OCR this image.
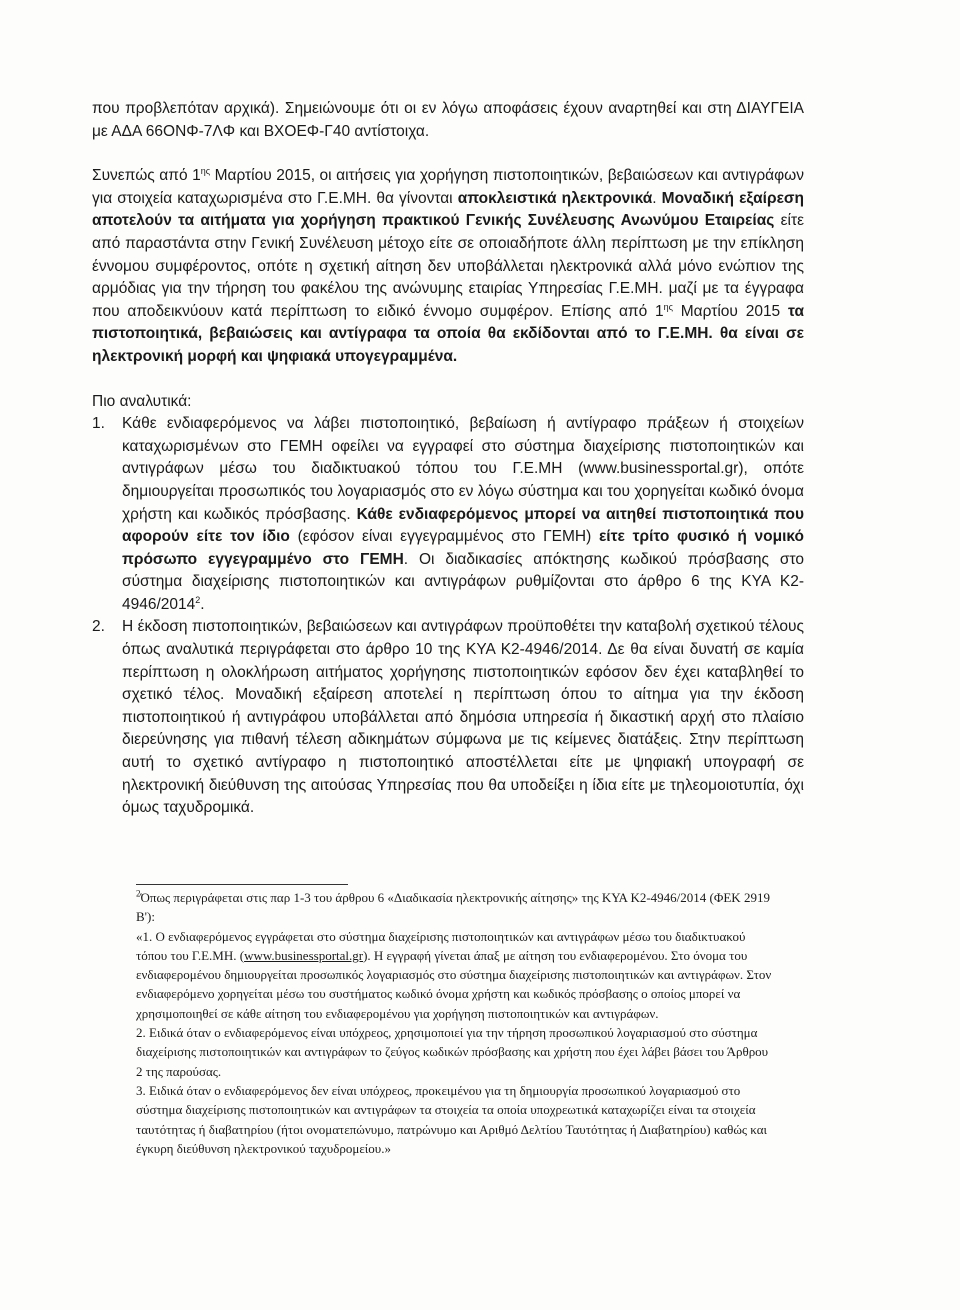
που προβλεπόταν αρχικά). Σημειώνουμε ότι οι εν λόγω αποφάσεις έχουν αναρτηθεί και στη ΔΙΑΥΓΕΙΑ με ΑΔΑ 66ΟΝΦ-7ΛΦ και ΒΧΟΕΦ-Γ40 αντίστοιχα.

Συνεπώς από $1^{\eta\varsigma}$ Μαρτίου 2015, οι αιτήσεις για χορήγηση πιστοποιητικών, βεβαιώσεων και αντιγράφων για στοιχεία καταχωρισμένα στο Γ.Ε.ΜΗ. θα γίνονται αποκλειστικά ηλεκτρονικά. Μοναδική εξαίρεση αποτελούν τα αιτήματα για χορήγηση πρακτικού Γενικής Συνέλευσης Ανωνύμου Εταιρείας είτε από παραστάντα στην Γενική Συνέλευση μέτοχο είτε σε οποιαδήποτε άλλη περίπτωση με την επίκληση έννομου συμφέροντος, οπότε η σχετική αίτηση δεν υποβάλλεται ηλεκτρονικά αλλά μόνο ενώπιον της αρμόδιας για την τήρηση του φακέλου της ανώνυμης εταιρίας Υπηρεσίας Γ.Ε.ΜΗ. μαζί με τα έγγραφα που αποδεικνύουν κατά περίπτωση το ειδικό έννομο συμφέρον. Επίσης από $1^{\eta\varsigma}$ Μαρτίου 2015 τα πιστοποιητικά, βεβαιώσεις και αντίγραφα τα οποία θα εκδίδονται από το Γ.Ε.ΜΗ. θα είναι σε ηλεκτρονική μορφή και ψηφιακά υπογεγραμμένα.

Πιο αναλυτικά:

1. Κάθε ενδιαφερόμενος να λάβει πιστοποιητικό, βεβαίωση ή αντίγραφο πράξεων ή στοιχείων καταχωρισμένων στο ΓΕΜΗ οφείλει να εγγραφεί στο σύστημα διαχείρισης πιστοποιητικών και αντιγράφων μέσω του διαδικτυακού τόπου του Γ.Ε.ΜΗ (www.businessportal.gr), οπότε δημιουργείται προσωπικός του λογαριασμός στο εν λόγω σύστημα και του χορηγείται κωδικό όνομα χρήστη και κωδικός πρόσβασης. Κάθε ενδιαφερόμενος μπορεί να αιτηθεί πιστοποιητικά που αφορούν είτε τον ίδιο (εφόσον είναι εγγεγραμμένος στο ΓΕΜΗ) είτε τρίτο φυσικό ή νομικό πρόσωπο εγγεγραμμένο στο ΓΕΜΗ. Οι διαδικασίες απόκτησης κωδικού πρόσβασης στο σύστημα διαχείρισης πιστοποιητικών και αντιγράφων ρυθμίζονται στο άρθρο 6 της ΚΥΑ Κ2-4946/2014$^2$.
2. Η έκδοση πιστοποιητικών, βεβαιώσεων και αντιγράφων προϋποθέτει την καταβολή σχετικού τέλους όπως αναλυτικά περιγράφεται στο άρθρο 10 της ΚΥΑ Κ2-4946/2014. Δε θα είναι δυνατή σε καμία περίπτωση η ολοκλήρωση αιτήματος χορήγησης πιστοποιητικών εφόσον δεν έχει καταβληθεί το σχετικό τέλος. Μοναδική εξαίρεση αποτελεί η περίπτωση όπου το αίτημα για την έκδοση πιστοποιητικού ή αντιγράφου υποβάλλεται από δημόσια υπηρεσία ή δικαστική αρχή στο πλαίσιο διερεύνησης για πιθανή τέλεση αδικημάτων σύμφωνα με τις κείμενες διατάξεις. Στην περίπτωση αυτή το σχετικό αντίγραφο η πιστοποιητικό αποστέλλεται είτε με ψηφιακή υπογραφή σε ηλεκτρονική διεύθυνση της αιτούσας Υπηρεσίας που θα υποδείξει η ίδια είτε με τηλεομοιοτυπία, όχι όμως ταχυδρομικά.

$^2$Όπως περιγράφεται στις παρ 1-3 του άρθρου 6 «Διαδικασία ηλεκτρονικής αίτησης» της ΚΥΑ Κ2-4946/2014 (ΦΕΚ 2919 Β'):

«1. Ο ενδιαφερόμενος εγγράφεται στο σύστημα διαχείρισης πιστοποιητικών και αντιγράφων μέσω του διαδικτυακού τόπου του Γ.Ε.ΜΗ. (www.businessportal.gr). Η εγγραφή γίνεται άπαξ με αίτηση του ενδιαφερομένου. Στο όνομα του ενδιαφερομένου δημιουργείται προσωπικός λογαριασμός στο σύστημα διαχείρισης πιστοποιητικών και αντιγράφων. Στον ενδιαφερόμενο χορηγείται μέσω του συστήματος κωδικό όνομα χρήστη και κωδικός πρόσβασης ο οποίος μπορεί να χρησιμοποιηθεί σε κάθε αίτηση του ενδιαφερομένου για χορήγηση πιστοποιητικών και αντιγράφων.

2. Ειδικά όταν ο ενδιαφερόμενος είναι υπόχρεος, χρησιμοποιεί για την τήρηση προσωπικού λογαριασμού στο σύστημα διαχείρισης πιστοποιητικών και αντιγράφων το ζεύγος κωδικών πρόσβασης και χρήστη που έχει λάβει βάσει του Άρθρου 2 της παρούσας.

3. Ειδικά όταν ο ενδιαφερόμενος δεν είναι υπόχρεος, προκειμένου για τη δημιουργία προσωπικού λογαριασμού στο σύστημα διαχείρισης πιστοποιητικών και αντιγράφων τα στοιχεία τα οποία υποχρεωτικά καταχωρίζει είναι τα στοιχεία ταυτότητας ή διαβατηρίου (ήτοι ονοματεπώνυμο, πατρώνυμο και Αριθμό Δελτίου Ταυτότητας ή Διαβατηρίου) καθώς και έγκυρη διεύθυνση ηλεκτρονικού ταχυδρομείου.»
